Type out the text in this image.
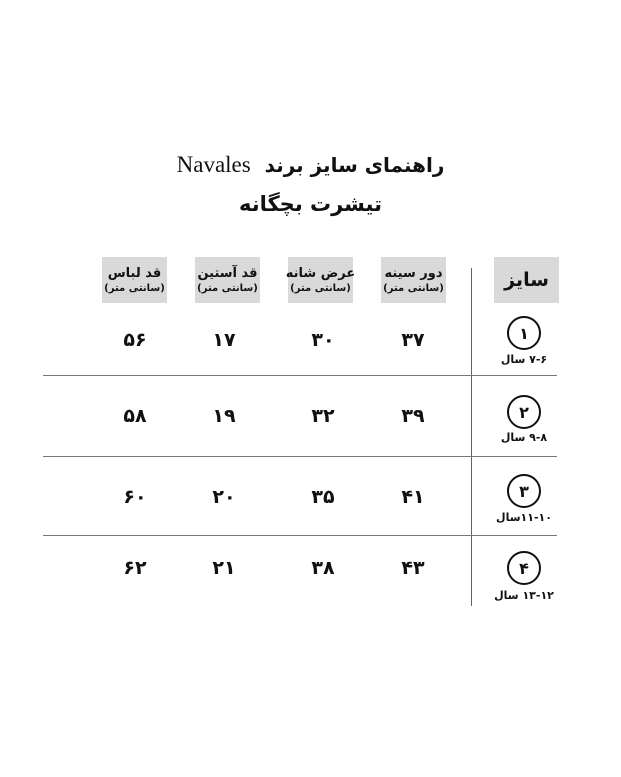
راهنمای سایز برند  Navales
تیشرت بچگانه
سایز
دور سینه
(سانتی متر)
عرض شانه
(سانتی متر)
قد آستین
(سانتی متر)
قد لباس
(سانتی متر)
۱
۷-۶ سال
۳۷
۳۰
۱۷
۵۶
۲
۹-۸ سال
۳۹
۳۲
۱۹
۵۸
۳
۱۱-۱۰سال
۴۱
۳۵
۲۰
۶۰
۴
۱۳-۱۲ سال
۴۳
۳۸
۲۱
۶۲
